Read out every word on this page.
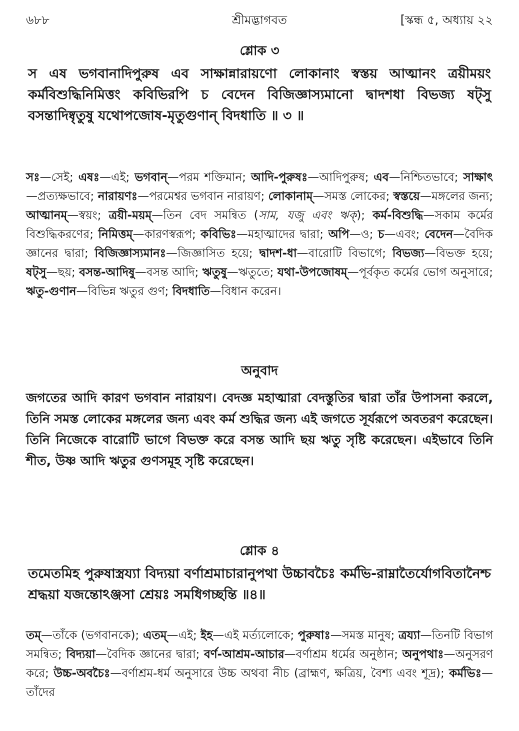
৬৮৮	শ্রীমদ্ভাগবত	[স্কন্ধ ৫, অধ্যায় ২২
শ্লোক ৩
স এষ ভগবানাদিপুরুষ এব সাক্ষান্নারায়ণো লোকানাং স্বস্তয় আত্মানং ত্রয়ীময়ং কর্মবিশুদ্ধিনিমিত্তং কবিভিরপি চ বেদেন বিজিজ্ঞাস্যমানো দ্বাদশধা বিভজ্য ষট্সু বসন্তাদিষ্বৃতুষু যথোপজোষ-মৃতুগুণান্ বিদধাতি ॥ ৩ ॥
সঃ—সেই; এষঃ—এই; ভগবান্—পরম শক্তিমান; আদি-পুরুষঃ—আদিপুরুষ; এব—নিশ্চিতভাবে; সাক্ষাৎ—প্রত্যক্ষভাবে; নারায়ণঃ—পরমেশ্বর ভগবান নারায়ণ; লোকানাম্—সমস্ত লোকের; স্বস্তয়ে—মঙ্গলের জন্য; আত্মানম্—স্বয়ং; ত্রয়ী-ময়ম্—তিন বেদ সমন্বিত (সাম, যজু এবং ঋক্); কর্ম-বিশুদ্ধি—সকাম কর্মের বিশুদ্ধিকরণের; নিমিত্তম্—কারণস্বরূপ; কবিভিঃ—মহাত্মাদের দ্বারা; অপি—ও; চ—এবং; বেদেন—বৈদিক জ্ঞানের দ্বারা; বিজিজ্ঞাস্যমানঃ—জিজ্ঞাসিত হয়ে; দ্বাদশ-ধা—বারোটি বিভাগে; বিভজ্য—বিভক্ত হয়ে; ষট্সু—ছয়; বসন্ত-আদিষু—বসন্ত আদি; ঋতুষু—ঋতুতে; যথা-উপজোষম্—পূর্বকৃত কর্মের ভোগ অনুসারে; ঋতু-গুণান—বিভিন্ন ঋতুর গুণ; বিদধাতি—বিধান করেন।
অনুবাদ
জগতের আদি কারণ ভগবান নারায়ণ। বেদজ্ঞ মহাত্মারা বেদস্তুতির দ্বারা তাঁর উপাসনা করলে, তিনি সমস্ত লোকের মঙ্গলের জন্য এবং কর্ম শুদ্ধির জন্য এই জগতে সূর্যরূপে অবতরণ করেছেন। তিনি নিজেকে বারোটি ভাগে বিভক্ত করে বসন্ত আদি ছয় ঋতু সৃষ্টি করেছেন। এইভাবে তিনি শীত, উষ্ণ আদি ঋতুর গুণসমূহ সৃষ্টি করেছেন।
শ্লোক ৪
তমেতমিহ পুরুষাস্ত্রয্যা বিদ্যয়া বর্ণাশ্রমাচারানুপথা উচ্চাবচৈঃ কর্মভি-রাম্নাতৈর্যোগবিতানৈশ্চ শ্রদ্ধয়া যজন্তোঽঞ্জসা শ্রেয়ঃ সমধিগচ্ছন্তি ॥৪॥
তম্—তাঁকে (ভগবানকে); এতম্—এই; ইহ—এই মর্ত্যলোকে; পুরুষাঃ—সমস্ত মানুষ; ত্রয্যা—তিনটি বিভাগ সমন্বিত; বিদ্যয়া—বৈদিক জ্ঞানের দ্বারা; বর্ণ-আশ্রম-আচার—বর্ণাশ্রম ধর্মের অনুষ্ঠান; অনুপথাঃ—অনুসরণ করে; উচ্চ-অবচৈঃ—বর্ণাশ্রম-ধর্ম অনুসারে উচ্চ অথবা নীচ (ব্রাহ্মণ, ক্ষত্রিয়, বৈশ্য এবং শূদ্র); কর্মভিঃ—তাঁদের
